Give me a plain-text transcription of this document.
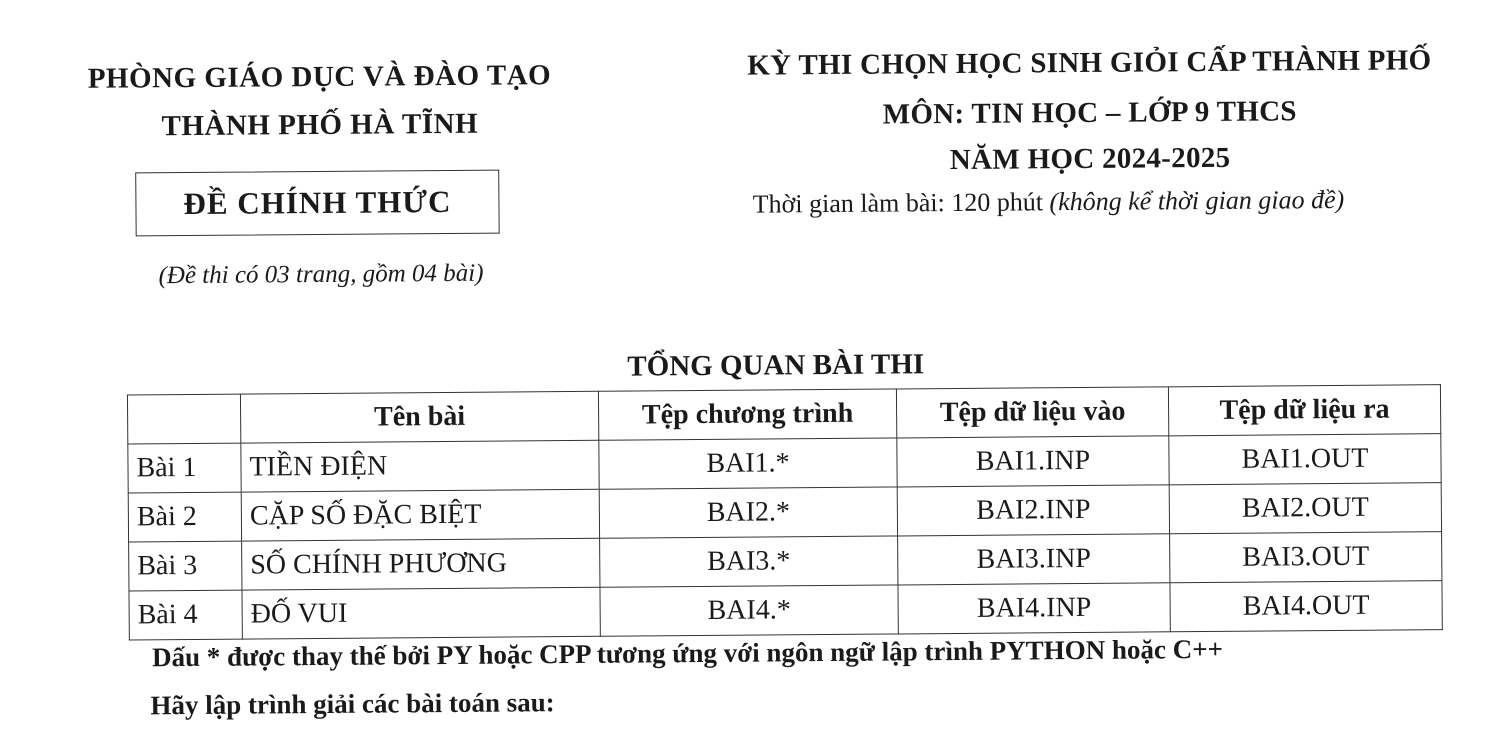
PHÒNG GIÁO DỤC VÀ ĐÀO TẠO
THÀNH PHỐ HÀ TĨNH
ĐỀ CHÍNH THỨC
(Đề thi có 03 trang, gồm 04 bài)
KỲ THI CHỌN HỌC SINH GIỎI CẤP THÀNH PHỐ
MÔN: TIN HỌC – LỚP 9 THCS
NĂM HỌC 2024-2025
Thời gian làm bài: 120 phút (không kể thời gian giao đề)
TỔNG QUAN BÀI THI
	Tên bài	Tệp chương trình	Tệp dữ liệu vào	Tệp dữ liệu ra
Bài 1	TIỀN ĐIỆN	BAI1.*	BAI1.INP	BAI1.OUT
Bài 2	CẶP SỐ ĐẶC BIỆT	BAI2.*	BAI2.INP	BAI2.OUT
Bài 3	SỐ CHÍNH PHƯƠNG	BAI3.*	BAI3.INP	BAI3.OUT
Bài 4	ĐỐ VUI	BAI4.*	BAI4.INP	BAI4.OUT
Dấu * được thay thế bởi PY hoặc CPP tương ứng với ngôn ngữ lập trình PYTHON hoặc C++
Hãy lập trình giải các bài toán sau:
